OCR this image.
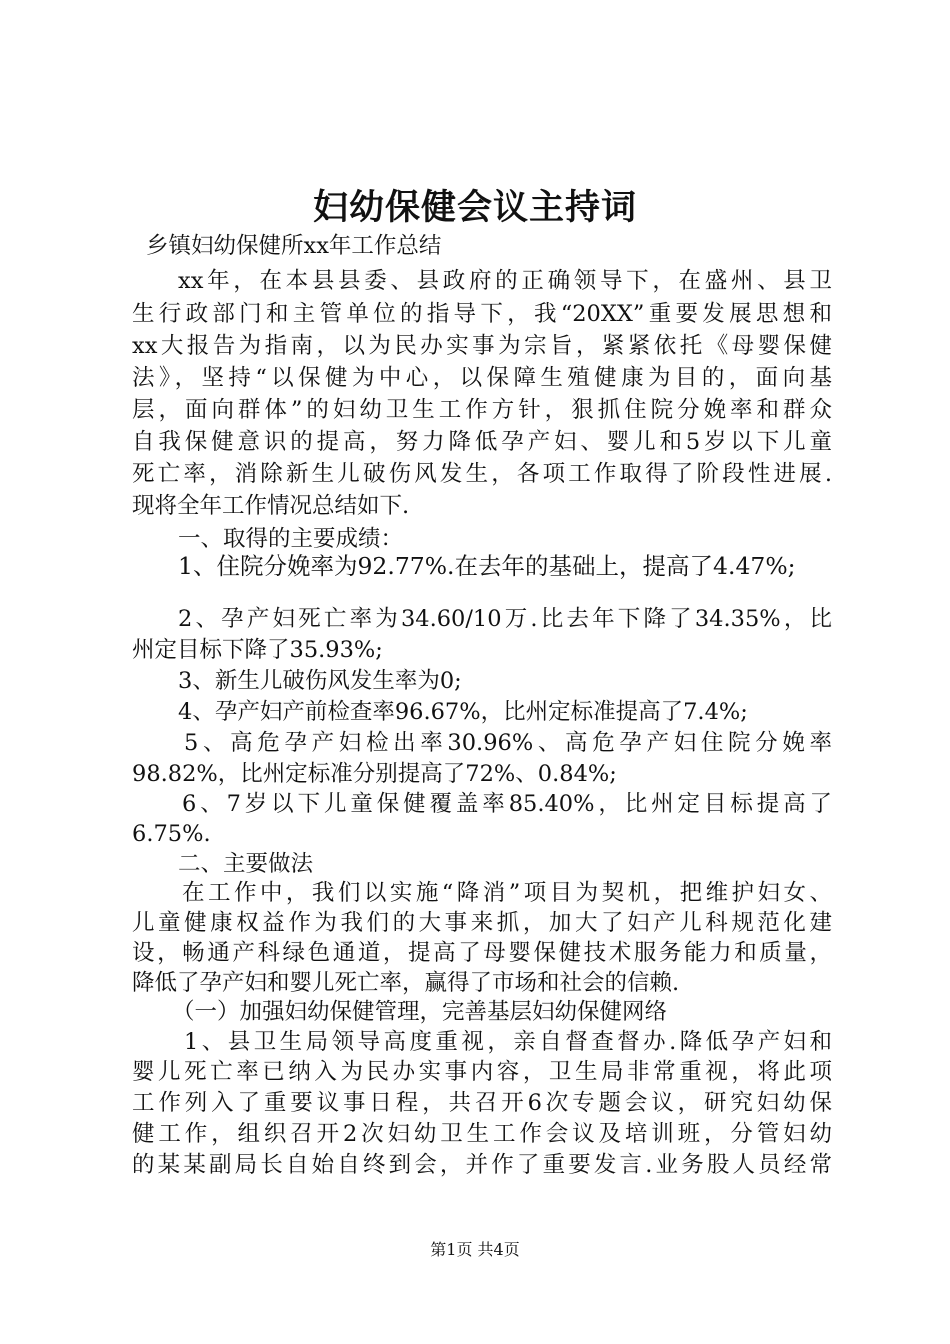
妇幼保健会议主持词
乡镇妇幼保健所xx年工作总结
xx年，在本县县委、县政府的正确领导下，在盛州、县卫
生行政部门和主管单位的指导下，我“20XX”重要发展思想和
xx大报告为指南，以为民办实事为宗旨，紧紧依托《母婴保健
法》，坚持“以保健为中心，以保障生殖健康为目的，面向基
层，面向群体”的妇幼卫生工作方针，狠抓住院分娩率和群众
自我保健意识的提高，努力降低孕产妇、婴儿和5岁以下儿童
死亡率，消除新生儿破伤风发生，各项工作取得了阶段性进展.
现将全年工作情况总结如下.
一、取得的主要成绩：
1、住院分娩率为92.77%.在去年的基础上，提高了4.47%;
2、孕产妇死亡率为34.60/10万.比去年下降了34.35%，比
州定目标下降了35.93%;
3、新生儿破伤风发生率为0;
4、孕产妇产前检查率96.67%，比州定标准提高了7.4%;
5、高危孕产妇检出率30.96%、高危孕产妇住院分娩率
98.82%，比州定标准分别提高了72%、0.84%;
6、7岁以下儿童保健覆盖率85.40%，比州定目标提高了
6.75%.
二、主要做法
在工作中，我们以实施“降消”项目为契机，把维护妇女、
儿童健康权益作为我们的大事来抓，加大了妇产儿科规范化建
设，畅通产科绿色通道，提高了母婴保健技术服务能力和质量，
降低了孕产妇和婴儿死亡率，赢得了市场和社会的信赖.
（一）加强妇幼保健管理，完善基层妇幼保健网络
1、县卫生局领导高度重视，亲自督查督办.降低孕产妇和
婴儿死亡率已纳入为民办实事内容，卫生局非常重视，将此项
工作列入了重要议事日程，共召开6次专题会议，研究妇幼保
健工作，组织召开2次妇幼卫生工作会议及培训班，分管妇幼
的某某副局长自始自终到会，并作了重要发言.业务股人员经常
第1页 共4页
